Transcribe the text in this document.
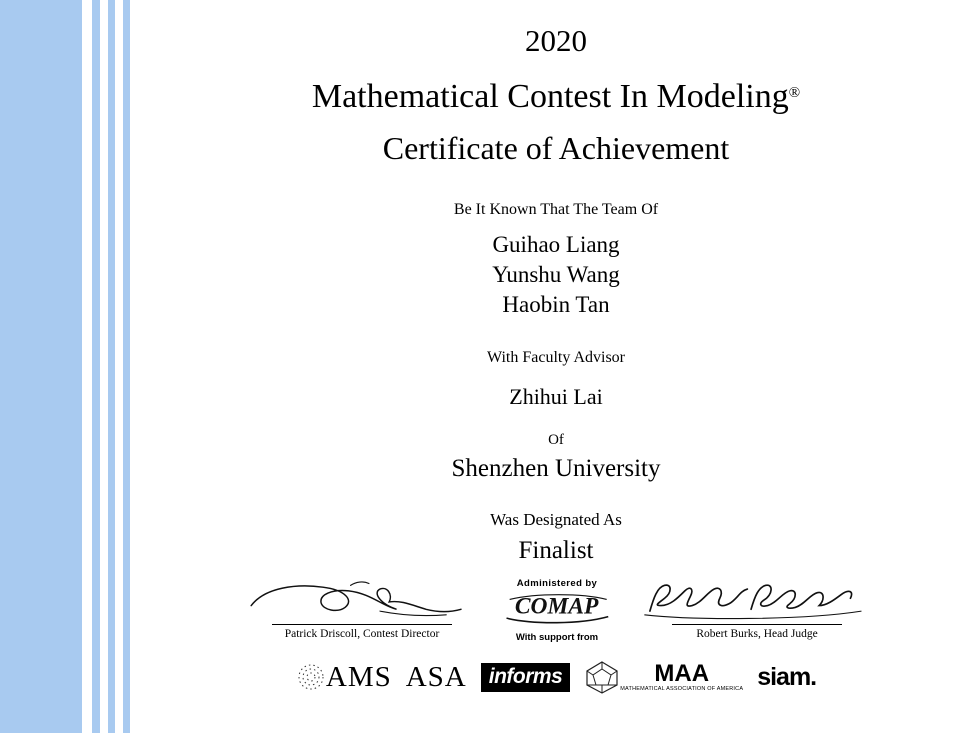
2020
Mathematical Contest In Modeling®
Certificate of Achievement
Be It Known That The Team Of
Guihao Liang
Yunshu Wang
Haobin Tan
With Faculty Advisor
Zhihui Lai
Of
Shenzhen University
Was Designated As
Finalist
Patrick Driscoll, Contest Director
Administered by
COMAP
With support from	Robert Burks, Head Judge
AMS ASA	informs	MAA
MATHEMATICAL ASSOCIATION OF AMERICA siam.
